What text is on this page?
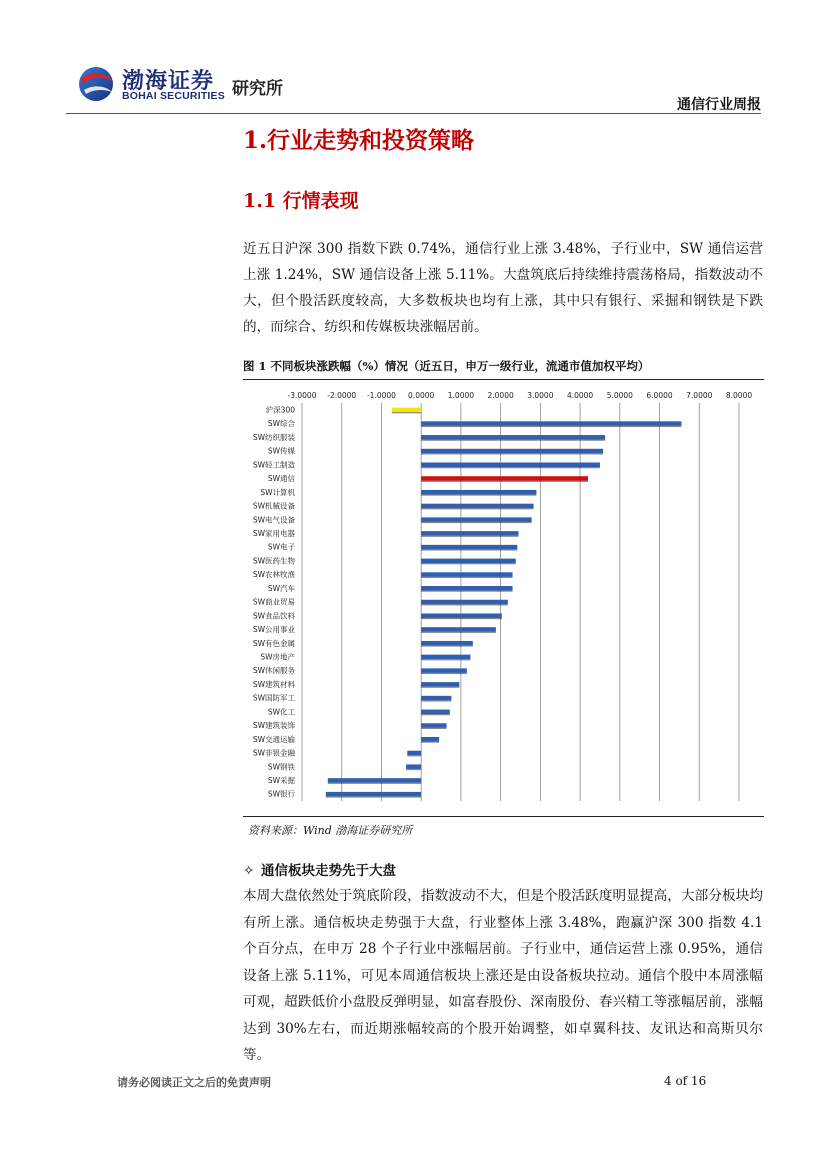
渤海证券
BOHAI SECURITIES 研究所
通信行业周报
1.行业走势和投资策略
1.1 行情表现
近五日沪深 300 指数下跌 0.74%，通信行业上涨 3.48%，子行业中，SW 通信运营上涨 1.24%，SW 通信设备上涨 5.11%。大盘筑底后持续维持震荡格局，指数波动不大，但个股活跃度较高，大多数板块也均有上涨，其中只有银行、采掘和钢铁是下跌的，而综合、纺织和传媒板块涨幅居前。
图 1 不同板块涨跌幅（%）情况（近五日，申万一级行业，流通市值加权平均）
-3.0000 -2.0000 -1.0000 0.0000 1.0000 2.0000 3.0000 4.0000 5.0000 6.0000 7.0000 8.0000
沪深300
SW综合
SW纺织服装
SW传媒
SW轻工制造
SW通信
SW计算机
SW机械设备
SW电气设备
SW家用电器
SW电子
SW医药生物
SW农林牧渔
SW汽车
SW商业贸易
SW食品饮料
SW公用事业
SW有色金属
SW房地产
SW休闲服务
SW建筑材料
SW国防军工
SW化工
SW建筑装饰
SW交通运输
SW非银金融
SW钢铁
SW采掘
SW银行
资料来源：Wind 渤海证券研究所
✧ 通信板块走势先于大盘
本周大盘依然处于筑底阶段，指数波动不大，但是个股活跃度明显提高，大部分板块均有所上涨。通信板块走势强于大盘，行业整体上涨 3.48%，跑赢沪深 300 指数 4.1 个百分点，在申万 28 个子行业中涨幅居前。子行业中，通信运营上涨 0.95%，通信设备上涨 5.11%，可见本周通信板块上涨还是由设备板块拉动。通信个股中本周涨幅可观，超跌低价小盘股反弹明显，如富春股份、深南股份、春兴精工等涨幅居前，涨幅达到 30%左右，而近期涨幅较高的个股开始调整，如卓翼科技、友讯达和高斯贝尔等。
请务必阅读正文之后的免责声明	4 of 16
